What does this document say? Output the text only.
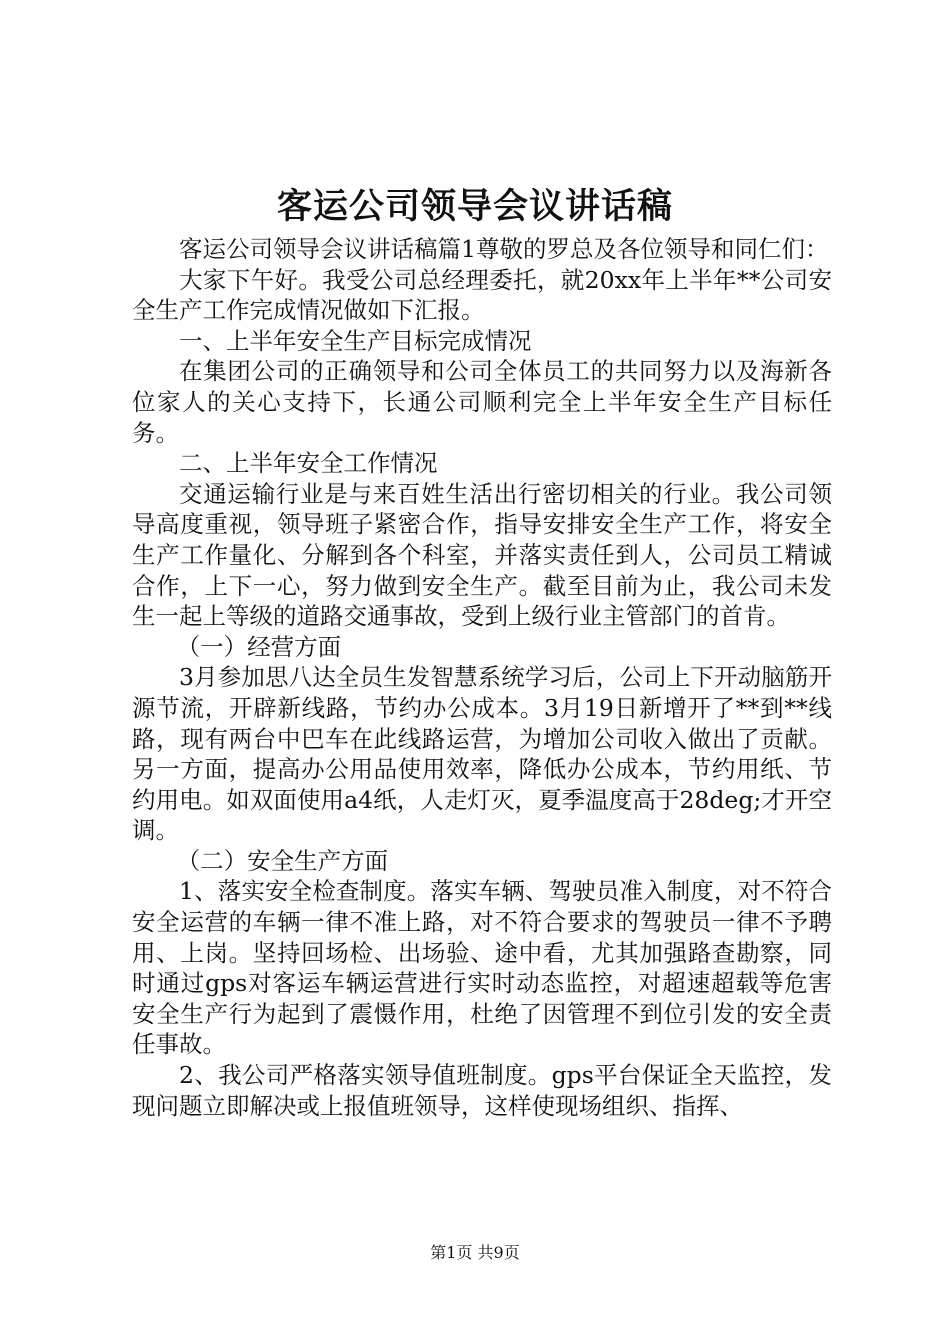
客运公司领导会议讲话稿

客运公司领导会议讲话稿篇1尊敬的罗总及各位领导和同仁们：

大家下午好。我受公司总经理委托，就20xx年上半年**公司安全生产工作完成情况做如下汇报。

一、上半年安全生产目标完成情况

在集团公司的正确领导和公司全体员工的共同努力以及海新各位家人的关心支持下，长通公司顺利完全上半年安全生产目标任务。

二、上半年安全工作情况

交通运输行业是与来百姓生活出行密切相关的行业。我公司领导高度重视，领导班子紧密合作，指导安排安全生产工作，将安全生产工作量化、分解到各个科室，并落实责任到人，公司员工精诚合作，上下一心，努力做到安全生产。截至目前为止，我公司未发生一起上等级的道路交通事故，受到上级行业主管部门的首肯。

（一）经营方面

3月参加思八达全员生发智慧系统学习后，公司上下开动脑筋开源节流，开辟新线路，节约办公成本。3月19日新增开了**到**线路，现有两台中巴车在此线路运营，为增加公司收入做出了贡献。另一方面，提高办公用品使用效率，降低办公成本，节约用纸、节约用电。如双面使用a4纸，人走灯灭，夏季温度高于28deg;才开空调。

（二）安全生产方面

1、落实安全检查制度。落实车辆、驾驶员准入制度，对不符合安全运营的车辆一律不准上路，对不符合要求的驾驶员一律不予聘用、上岗。坚持回场检、出场验、途中看，尤其加强路查勘察，同时通过gps对客运车辆运营进行实时动态监控，对超速超载等危害安全生产行为起到了震慑作用，杜绝了因管理不到位引发的安全责任事故。

2、我公司严格落实领导值班制度。gps平台保证全天监控，发现问题立即解决或上报值班领导，这样使现场组织、指挥、

第1页 共9页
